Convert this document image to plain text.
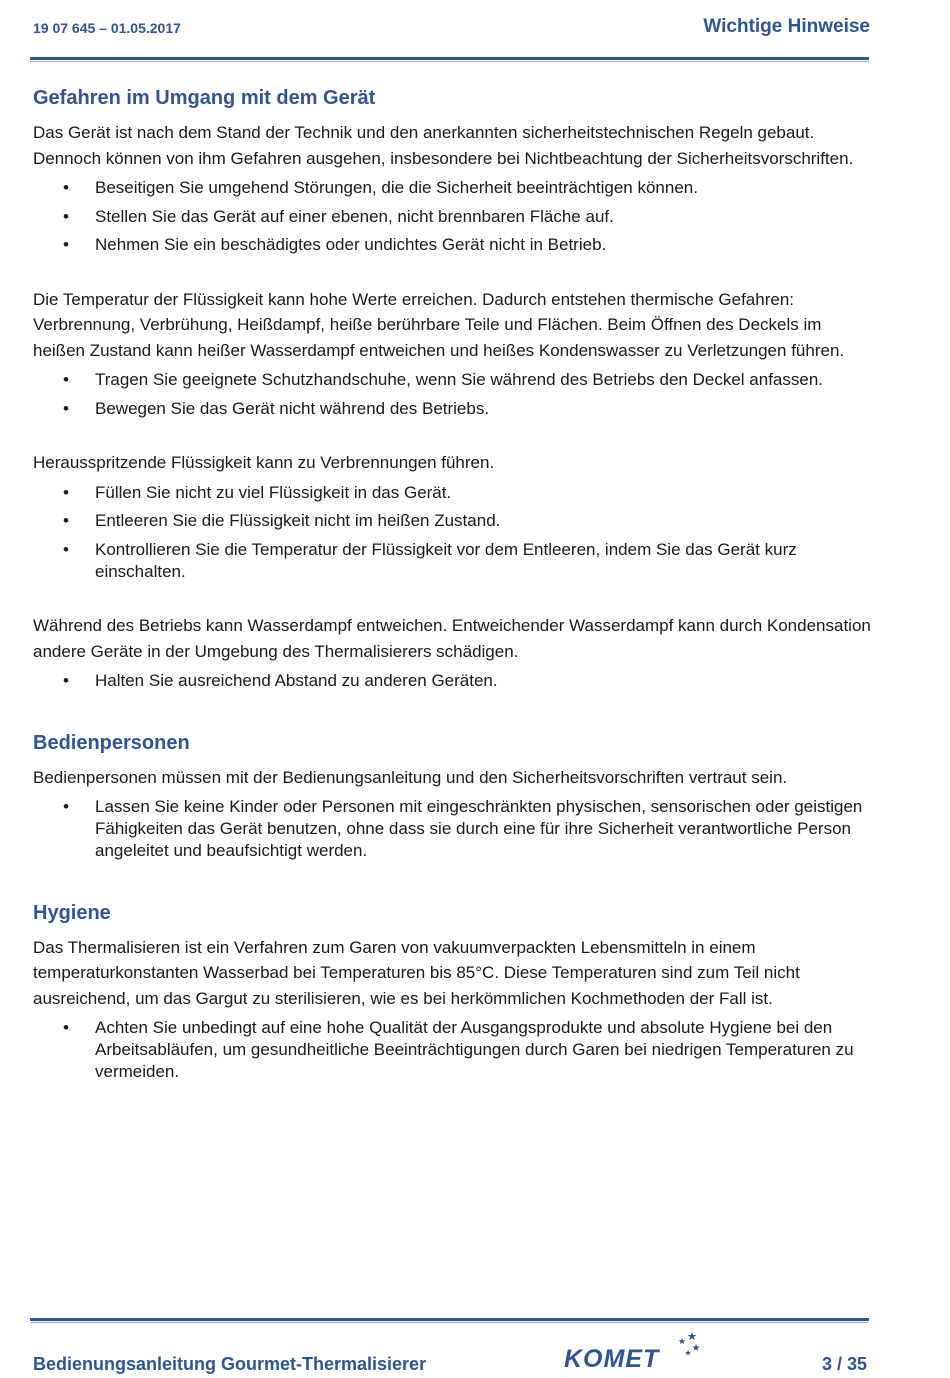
19 07 645 – 01.05.2017	Wichtige Hinweise
Gefahren im Umgang mit dem Gerät

Das Gerät ist nach dem Stand der Technik und den anerkannten sicherheitstechnischen Regeln gebaut. Dennoch können von ihm Gefahren ausgehen, insbesondere bei Nichtbeachtung der Sicherheitsvorschriften.

• Beseitigen Sie umgehend Störungen, die die Sicherheit beeinträchtigen können.
• Stellen Sie das Gerät auf einer ebenen, nicht brennbaren Fläche auf.
• Nehmen Sie ein beschädigtes oder undichtes Gerät nicht in Betrieb.

Die Temperatur der Flüssigkeit kann hohe Werte erreichen. Dadurch entstehen thermische Gefahren: Verbrennung, Verbrühung, Heißdampf, heiße berührbare Teile und Flächen. Beim Öffnen des Deckels im heißen Zustand kann heißer Wasserdampf entweichen und heißes Kondenswasser zu Verletzungen führen.

• Tragen Sie geeignete Schutzhandschuhe, wenn Sie während des Betriebs den Deckel anfassen.
• Bewegen Sie das Gerät nicht während des Betriebs.

Herausspritzende Flüssigkeit kann zu Verbrennungen führen.

• Füllen Sie nicht zu viel Flüssigkeit in das Gerät.
• Entleeren Sie die Flüssigkeit nicht im heißen Zustand.
• Kontrollieren Sie die Temperatur der Flüssigkeit vor dem Entleeren, indem Sie das Gerät kurz einschalten.

Während des Betriebs kann Wasserdampf entweichen. Entweichender Wasserdampf kann durch Kondensation andere Geräte in der Umgebung des Thermalisierers schädigen.

• Halten Sie ausreichend Abstand zu anderen Geräten.
Bedienpersonen

Bedienpersonen müssen mit der Bedienungsanleitung und den Sicherheitsvorschriften vertraut sein.

• Lassen Sie keine Kinder oder Personen mit eingeschränkten physischen, sensorischen oder geistigen Fähigkeiten das Gerät benutzen, ohne dass sie durch eine für ihre Sicherheit verantwortliche Person angeleitet und beaufsichtigt werden.
Hygiene

Das Thermalisieren ist ein Verfahren zum Garen von vakuumverpackten Lebensmitteln in einem temperaturkonstanten Wasserbad bei Temperaturen bis 85°C. Diese Temperaturen sind zum Teil nicht ausreichend, um das Gargut zu sterilisieren, wie es bei herkömmlichen Kochmethoden der Fall ist.

• Achten Sie unbedingt auf eine hohe Qualität der Ausgangsprodukte und absolute Hygiene bei den Arbeitsabläufen, um gesundheitliche Beeinträchtigungen durch Garen bei niedrigen Temperaturen zu vermeiden.
Bedienungsanleitung Gourmet-Thermalisierer	KOMET	3 / 35
